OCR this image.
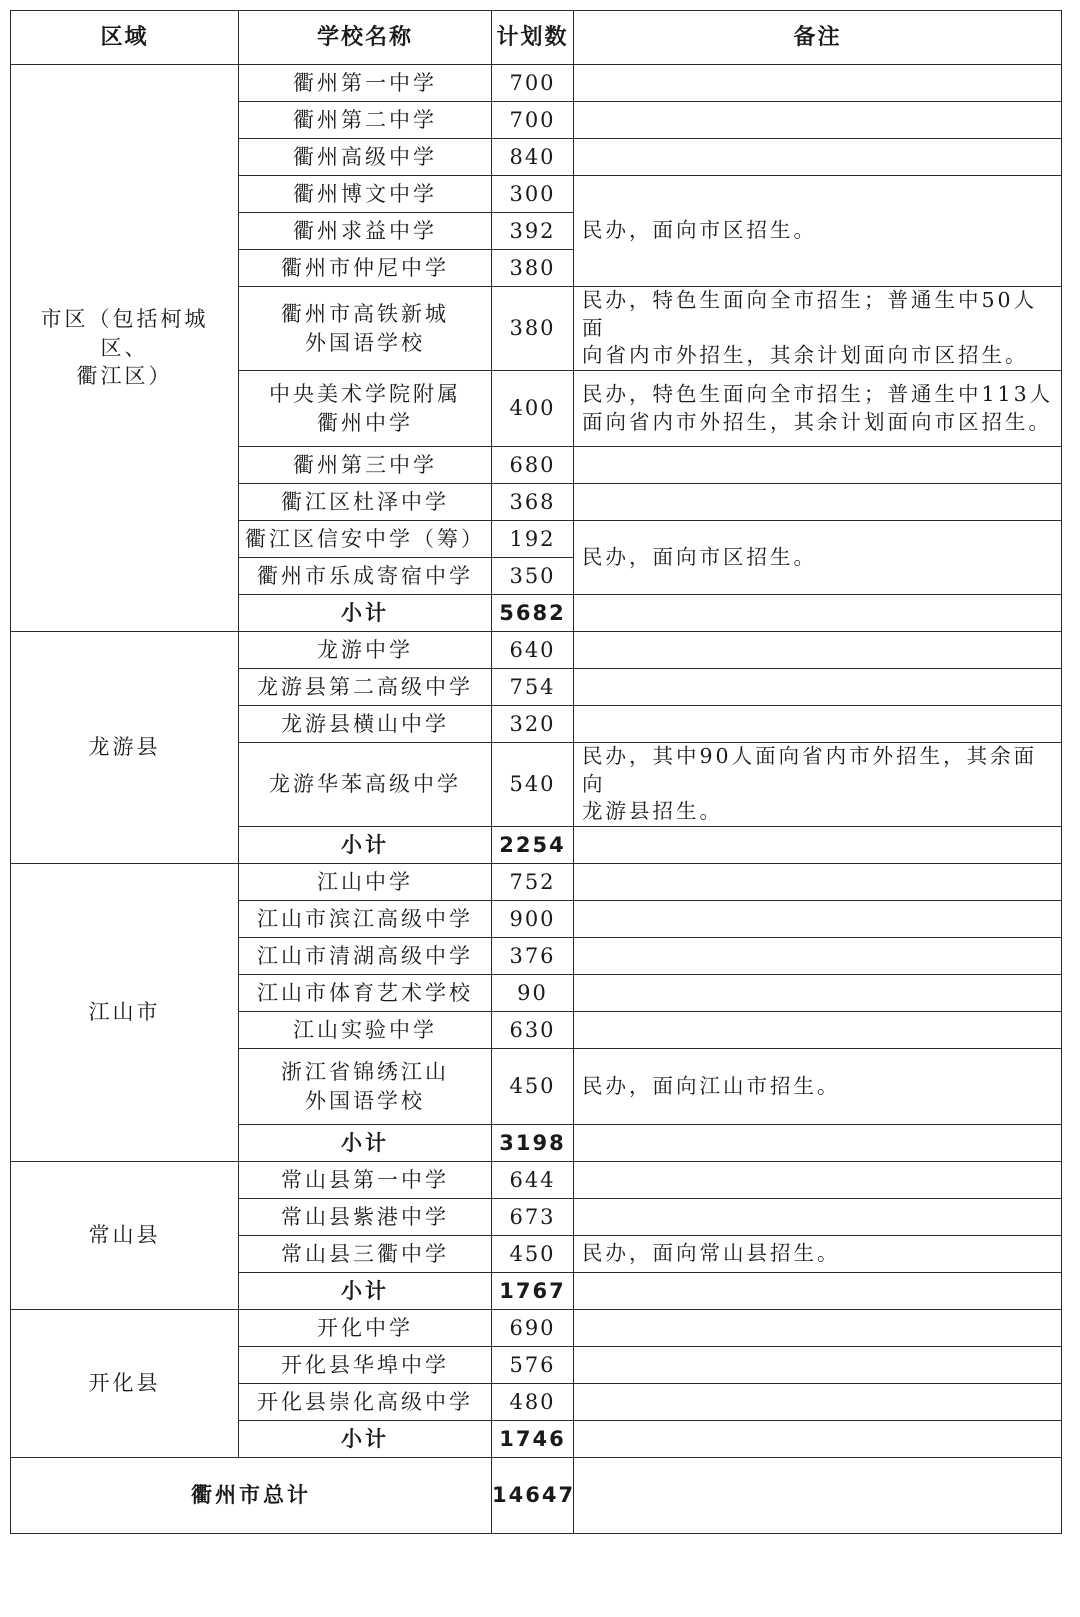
区域	学校名称	计划数	备注

市区（包括柯城区、
衢江区）	衢州第一中学	700	

	衢州第二中学	700	

	衢州高级中学	840	

	衢州博文中学	300	民办，面向市区招生。

	衢州求益中学	392	

	衢州市仲尼中学	380	

	衢州市高铁新城
外国语学校	380	民办，特色生面向全市招生；普通生中50人面
向省内市外招生，其余计划面向市区招生。

	中央美术学院附属
衢州中学	400	民办，特色生面向全市招生；普通生中113人
面向省内市外招生，其余计划面向市区招生。

	衢州第三中学	680	

	衢江区杜泽中学	368	

	衢江区信安中学（筹）	192	民办，面向市区招生。

	衢州市乐成寄宿中学	350	

	小计	5682	

龙游县	龙游中学	640	

	龙游县第二高级中学	754	

	龙游县横山中学	320	

	龙游华苯高级中学	540	民办，其中90人面向省内市外招生，其余面向
龙游县招生。

	小计	2254	

江山市	江山中学	752	

	江山市滨江高级中学	900	

	江山市清湖高级中学	376	

	江山市体育艺术学校	90	

	江山实验中学	630	

	浙江省锦绣江山
外国语学校	450	民办，面向江山市招生。

	小计	3198	

常山县	常山县第一中学	644	

	常山县紫港中学	673	

	常山县三衢中学	450	民办，面向常山县招生。

	小计	1767	

开化县	开化中学	690	

	开化县华埠中学	576	

	开化县崇化高级中学	480	

	小计	1746	

衢州市总计		14647	
